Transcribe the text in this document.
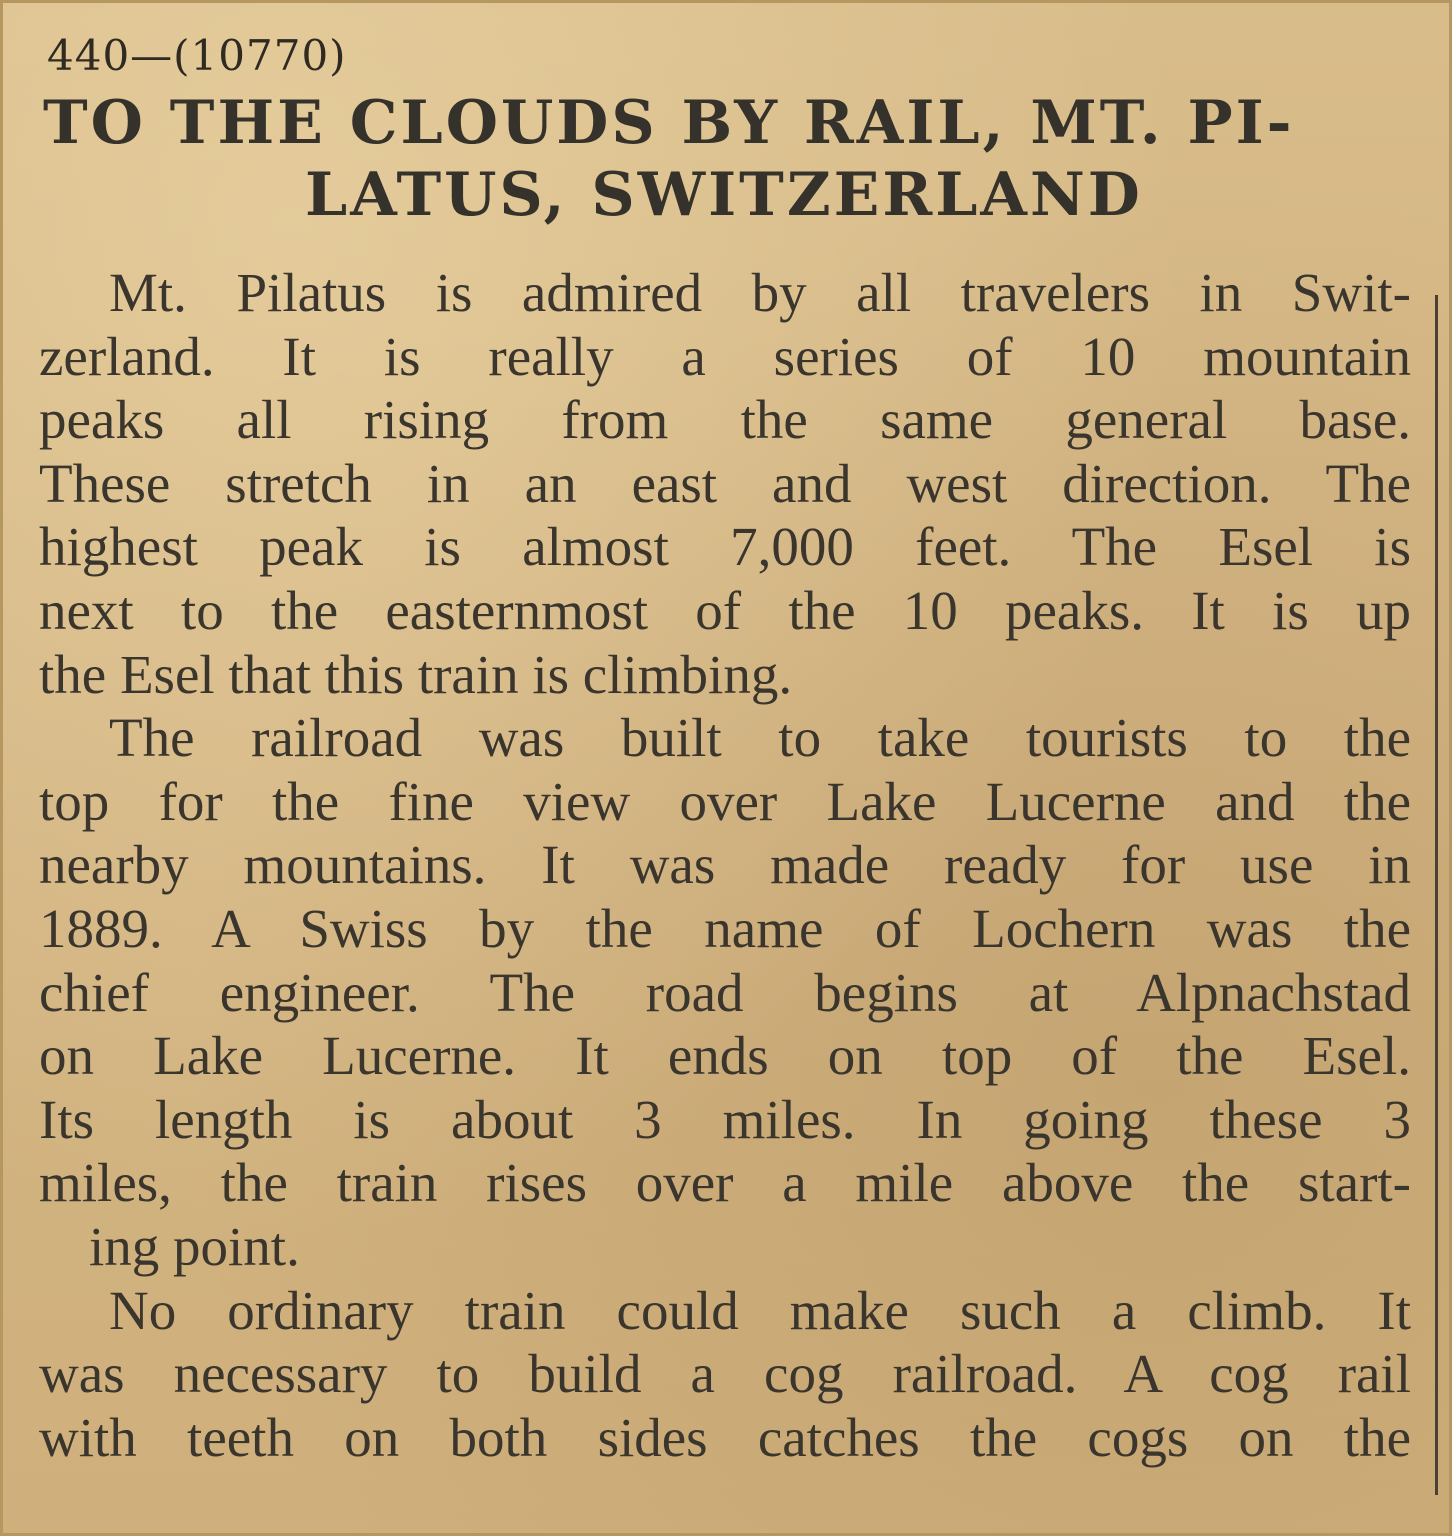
440—(10770)
TO THE CLOUDS BY RAIL, MT. PI-
LATUS, SWITZERLAND
Mt. Pilatus is admired by all travelers in Swit-
zerland. It is really a series of 10 mountain
peaks all rising from the same general base.
These stretch in an east and west direction. The
highest peak is almost 7,000 feet. The Esel is
next to the easternmost of the 10 peaks. It is up
the Esel that this train is climbing.
The railroad was built to take tourists to the
top for the fine view over Lake Lucerne and the
nearby mountains. It was made ready for use in
1889. A Swiss by the name of Lochern was the
chief engineer. The road begins at Alpnachstad
on Lake Lucerne. It ends on top of the Esel.
Its length is about 3 miles. In going these 3
miles, the train rises over a mile above the start-
ing point.
No ordinary train could make such a climb. It
was necessary to build a cog railroad. A cog rail
with teeth on both sides catches the cogs on the
